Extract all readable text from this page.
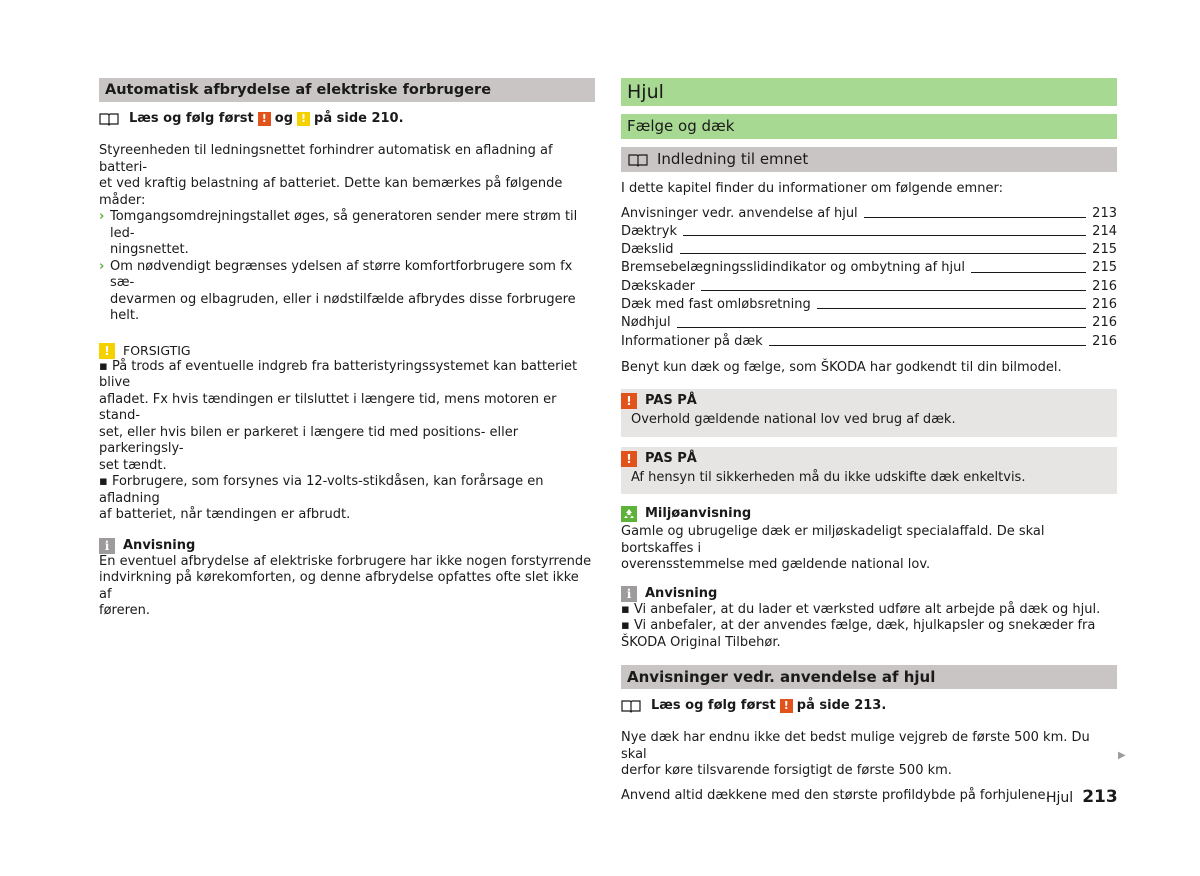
Automatisk afbrydelse af elektriske forbrugere
Læs og følg først ! og ! på side 210.

Styreenheden til ledningsnettet forhindrer automatisk en afladning af batteri-

et ved kraftig belastning af batteriet. Dette kan bemærkes på følgende måder:

› Tomgangsomdrejningstallet øges, så generatoren sender mere strøm til led-

ningsnettet.

› Om nødvendigt begrænses ydelsen af større komfortforbrugere som fx sæ-

devarmen og elbagruden, eller i nødstilfælde afbrydes disse forbrugere helt.

!	FORSIGTIG

▪ På trods af eventuelle indgreb fra batteristyringssystemet kan batteriet blive

afladet. Fx hvis tændingen er tilsluttet i længere tid, mens motoren er stand-

set, eller hvis bilen er parkeret i længere tid med positions- eller parkeringsly-

set tændt.

▪ Forbrugere, som forsynes via 12-volts-stikdåsen, kan forårsage en afladning

af batteriet, når tændingen er afbrudt.

i	Anvisning

En eventuel afbrydelse af elektriske forbrugere har ikke nogen forstyrrende

indvirkning på kørekomforten, og denne afbrydelse opfattes ofte slet ikke af

føreren.

Hjul
Fælge og dæk
Indledning til emnet

I dette kapitel finder du informationer om følgende emner:

Anvisninger vedr. anvendelse af hjul	213
Dæktryk	214
Dækslid	215
Bremsebelægningsslidindikator og ombytning af hjul	215
Dækskader	216
Dæk med fast omløbsretning	216
Nødhjul	216
Informationer på dæk	216

Benyt kun dæk og fælge, som ŠKODA har godkendt til din bilmodel.

!	PAS PÅ

Overhold gældende national lov ved brug af dæk.

!	PAS PÅ

Af hensyn til sikkerheden må du ikke udskifte dæk enkeltvis.

Miljøanvisning

Gamle og ubrugelige dæk er miljøskadeligt specialaffald. De skal bortskaffes i

overensstemmelse med gældende national lov.

i	Anvisning

▪ Vi anbefaler, at du lader et værksted udføre alt arbejde på dæk og hjul.

▪ Vi anbefaler, at der anvendes fælge, dæk, hjulkapsler og snekæder fra

ŠKODA Original Tilbehør.

Anvisninger vedr. anvendelse af hjul
Læs og følg først ! på side 213.

Nye dæk har endnu ikke det bedst mulige vejgreb de første 500 km. Du skal

derfor køre tilsvarende forsigtigt de første 500 km.

Anvend altid dækkene med den største profildybde på forhjulene.

▶
Hjul 213
